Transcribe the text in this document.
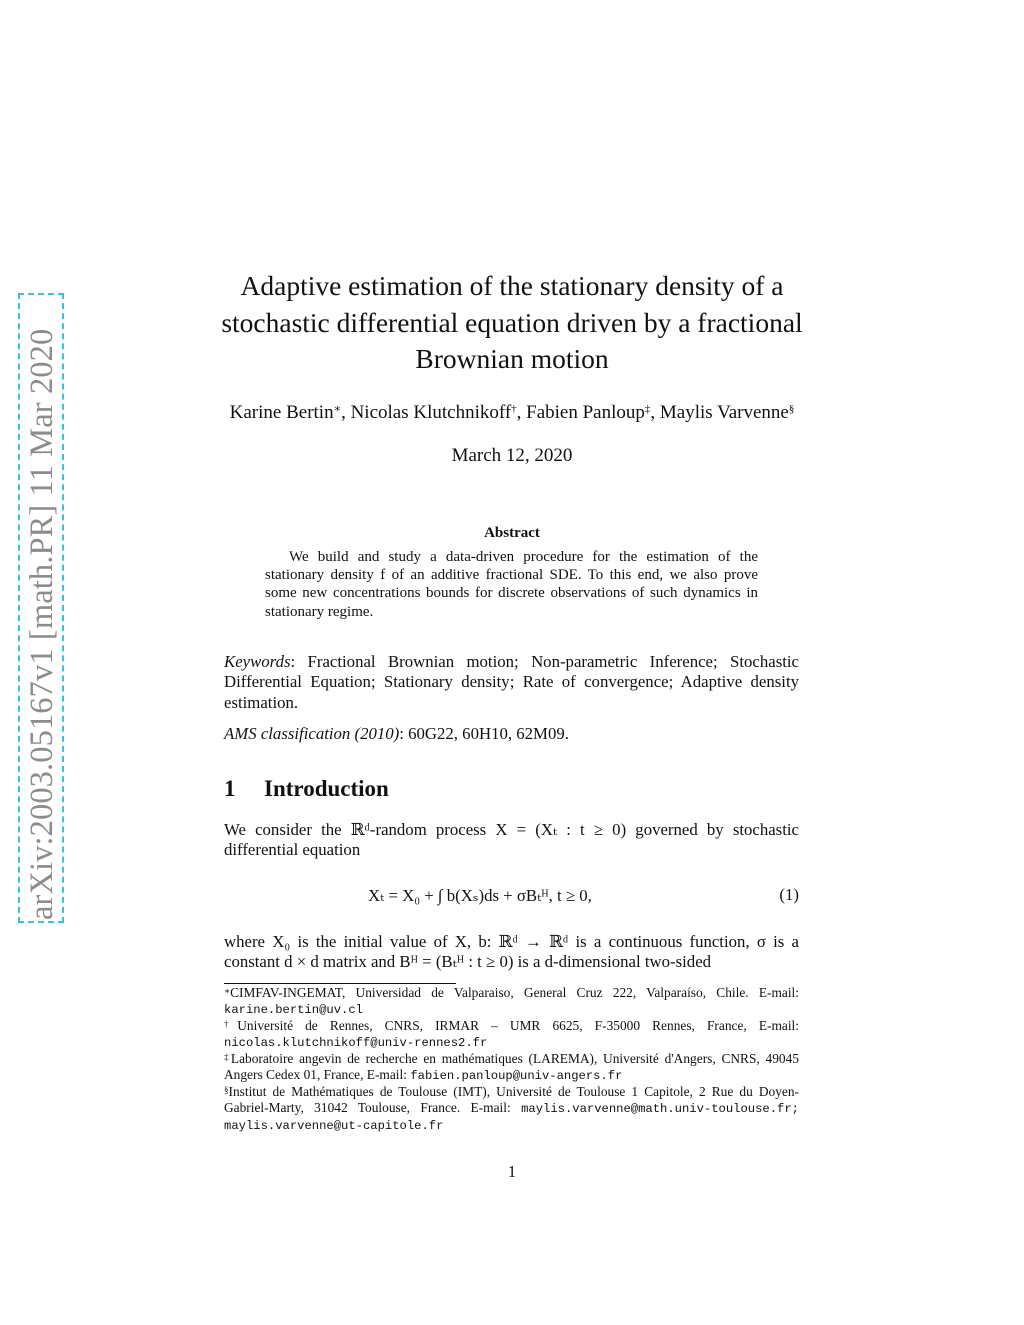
arXiv:2003.05167v1 [math.PR] 11 Mar 2020
Adaptive estimation of the stationary density of a stochastic differential equation driven by a fractional Brownian motion
Karine Bertin∗, Nicolas Klutchnikoff†, Fabien Panloup‡, Maylis Varvenne§
March 12, 2020
Abstract
We build and study a data-driven procedure for the estimation of the stationary density f of an additive fractional SDE. To this end, we also prove some new concentrations bounds for discrete observations of such dynamics in stationary regime.
Keywords: Fractional Brownian motion; Non-parametric Inference; Stochastic Differential Equation; Stationary density; Rate of convergence; Adaptive density estimation.
AMS classification (2010): 60G22, 60H10, 62M09.
1 Introduction
We consider the ℝᵈ-random process X = (Xₜ : t ≥ 0) governed by stochastic differential equation
Xₜ = X₀ + ∫ b(Xₛ)ds + σBₜᴴ, t ≥ 0,	(1)
where X₀ is the initial value of X, b: ℝᵈ → ℝᵈ is a continuous function, σ is a constant d × d matrix and Bᴴ = (Bₜᴴ : t ≥ 0) is a d-dimensional two-sided
∗CIMFAV-INGEMAT, Universidad de Valparaiso, General Cruz 222, Valparaíso, Chile. E-mail: karine.bertin@uv.cl
†Université de Rennes, CNRS, IRMAR – UMR 6625, F-35000 Rennes, France, E-mail: nicolas.klutchnikoff@univ-rennes2.fr
‡Laboratoire angevin de recherche en mathématiques (LAREMA), Université d'Angers, CNRS, 49045 Angers Cedex 01, France, E-mail: fabien.panloup@univ-angers.fr
§Institut de Mathématiques de Toulouse (IMT), Université de Toulouse 1 Capitole, 2 Rue du Doyen-Gabriel-Marty, 31042 Toulouse, France. E-mail: maylis.varvenne@math.univ-toulouse.fr; maylis.varvenne@ut-capitole.fr
1
